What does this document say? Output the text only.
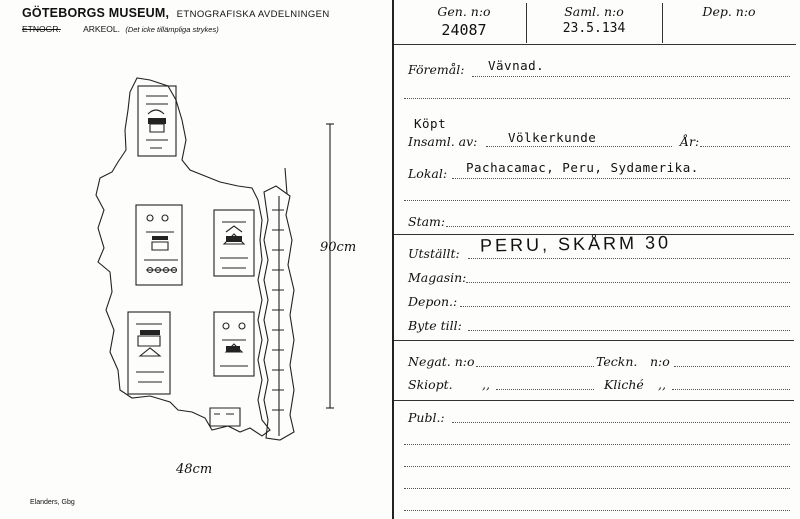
GÖTEBORGS MUSEUM, ETNOGRAFISKA AVDELNINGEN
ETNOGR.	ARKEOL. (Det icke tillämpliga strykes)
90cm
48cm
Elanders, Gbg
Gen. n:o
24087
Saml. n:o
23.5.134
Dep. n:o
Föremål: Vävnad.
Köpt
Insaml. av: Völkerkunde	År:
Lokal: Pachacamac, Peru, Sydamerika.
Stam:
Utställt: PERU, SKÅRM 30
Magasin:
Depon.:
Byte till:
Negat. n:o	Teckn. n:o
Skiopt. ,,	Kliché ,,
Publ.:
